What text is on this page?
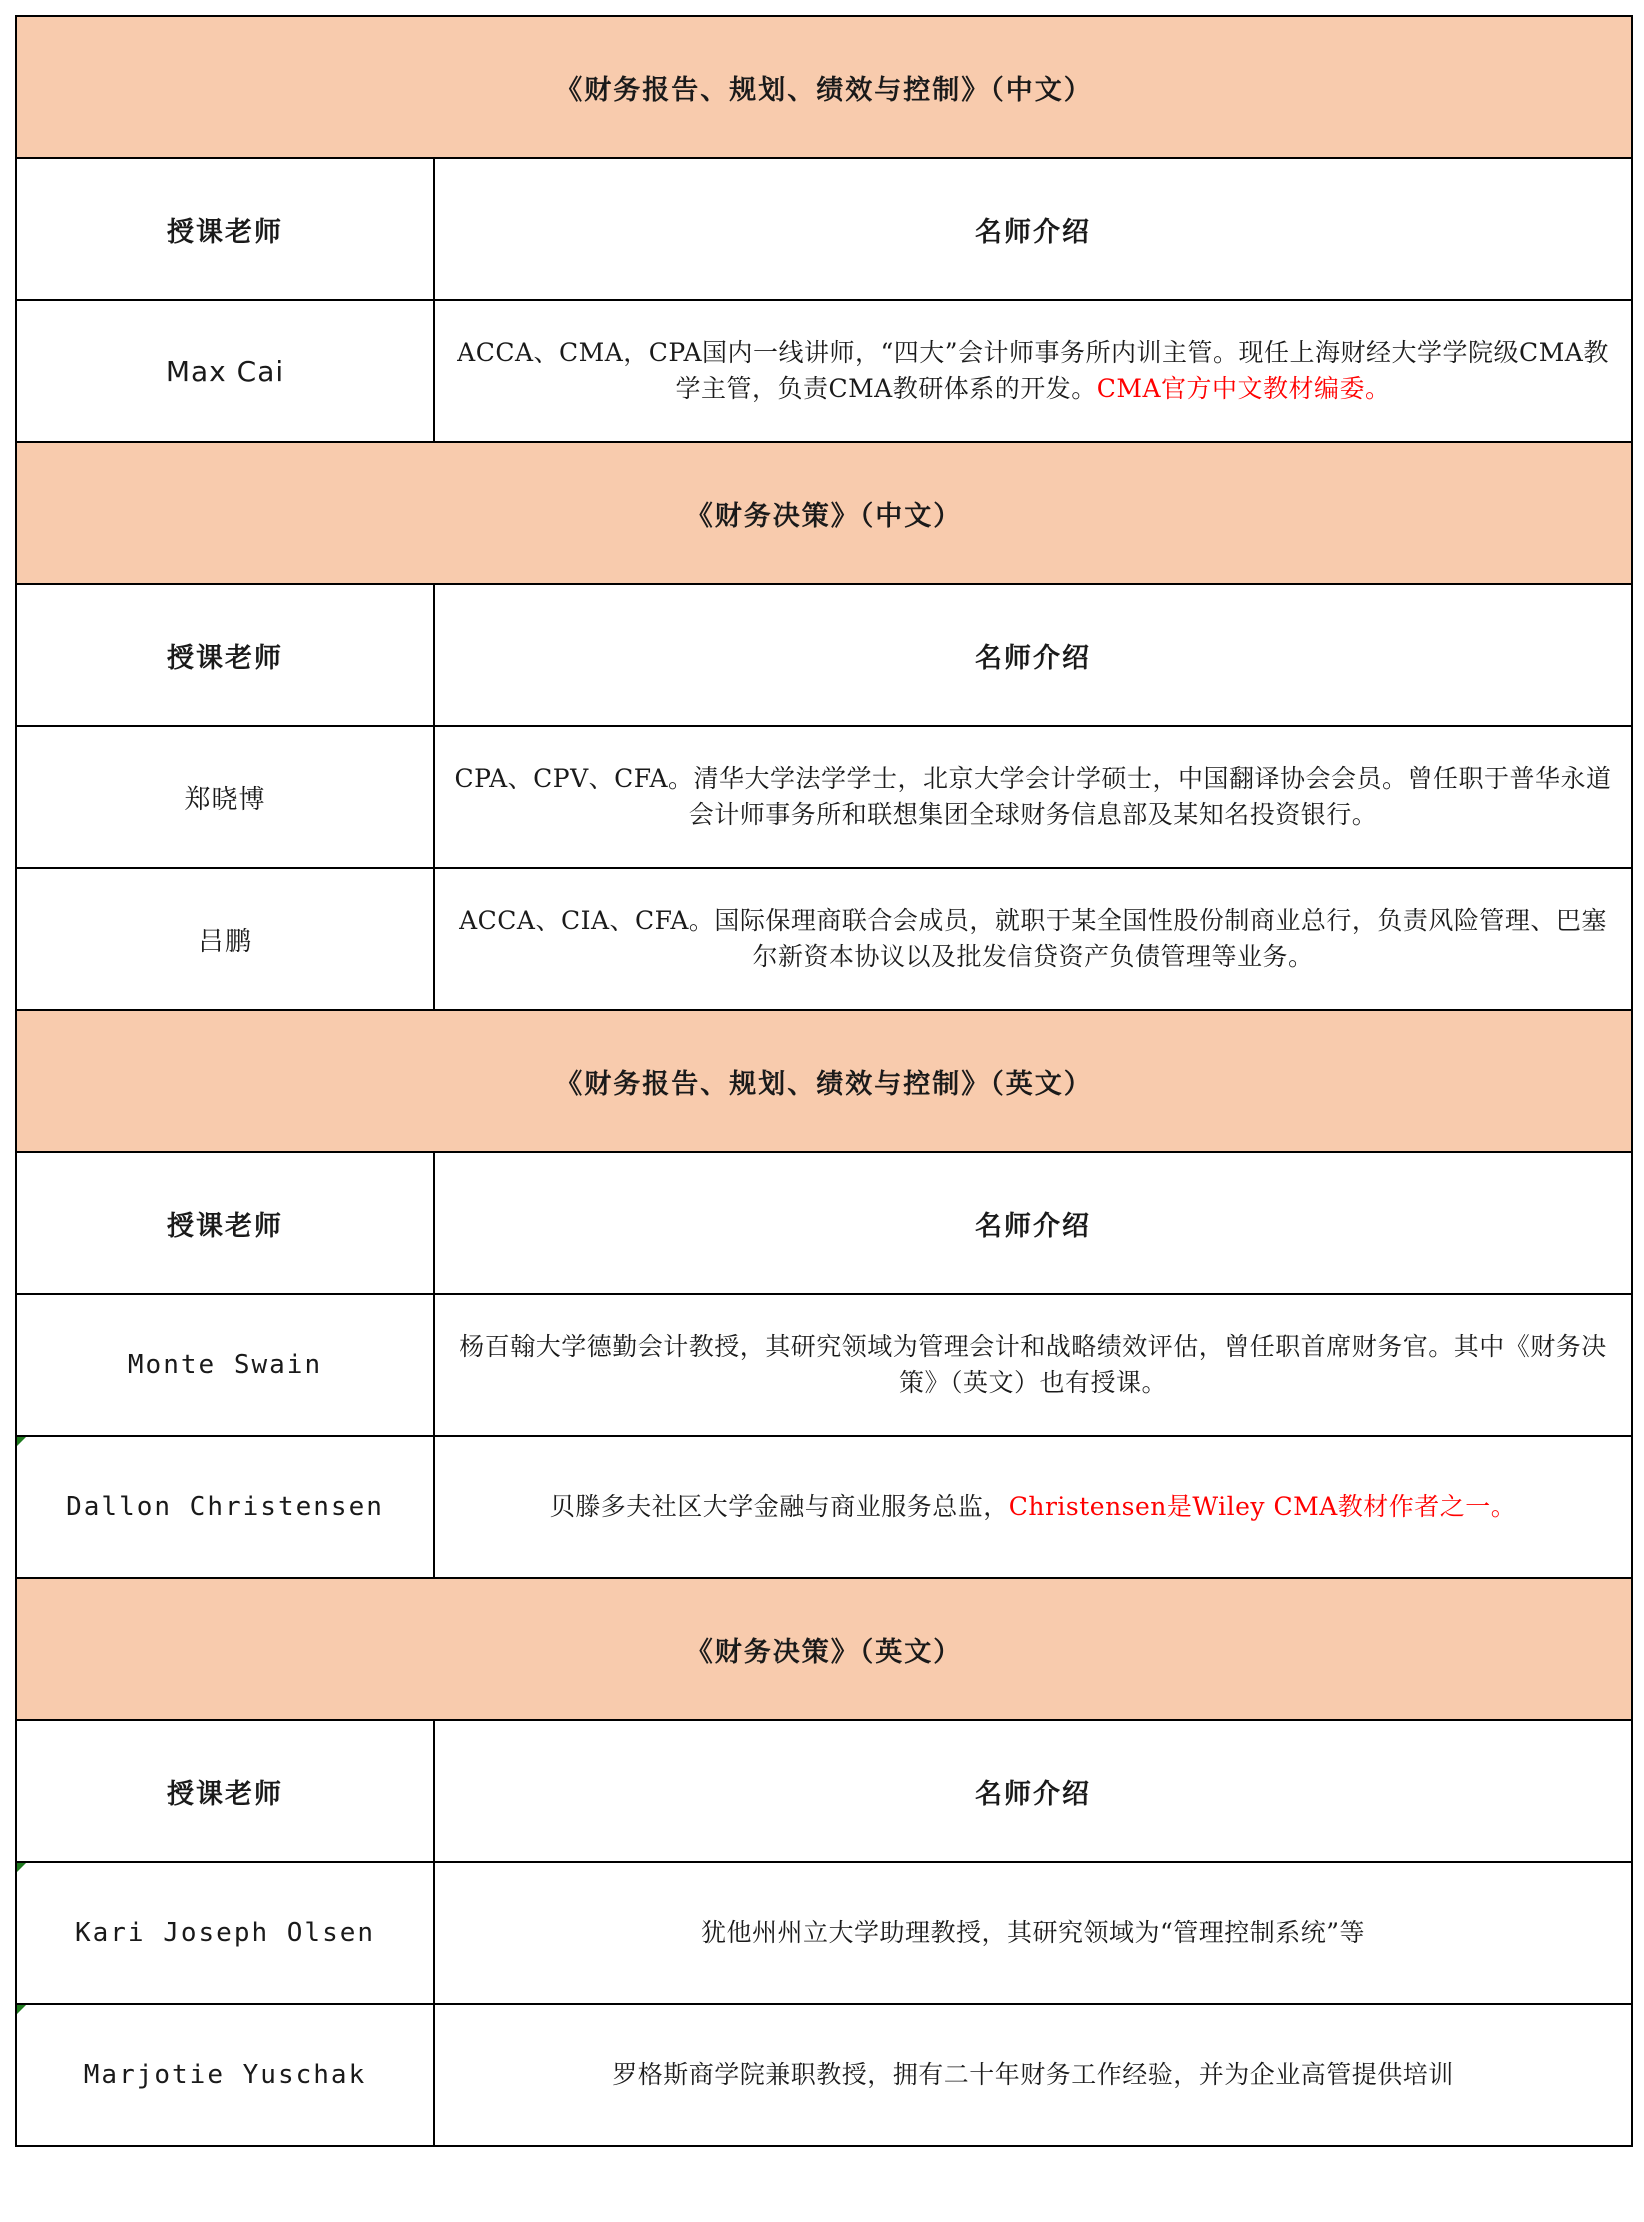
《财务报告、规划、绩效与控制》（中文）	
授课老师	名师介绍
Max Cai	ACCA、CMA，CPA国内一线讲师，“四大”会计师事务所内训主管。现任上海财经大学学院级CMA教学主管，负责CMA教研体系的开发。CMA官方中文教材编委。
《财务决策》（中文）	
授课老师	名师介绍
郑晓博	CPA、CPV、CFA。清华大学法学学士，北京大学会计学硕士，中国翻译协会会员。曾任职于普华永道会计师事务所和联想集团全球财务信息部及某知名投资银行。
吕鹏	ACCA、CIA、CFA。国际保理商联合会成员，就职于某全国性股份制商业总行，负责风险管理、巴塞尔新资本协议以及批发信贷资产负债管理等业务。
《财务报告、规划、绩效与控制》（英文）	
授课老师	名师介绍
Monte Swain	杨百翰大学德勤会计教授，其研究领域为管理会计和战略绩效评估，曾任职首席财务官。其中《财务决策》（英文）也有授课。

Dallon Christensen	贝滕多夫社区大学金融与商业服务总监，Christensen是Wiley CMA教材作者之一。
《财务决策》（英文）	
授课老师	名师介绍

Kari Joseph Olsen	犹他州州立大学助理教授，其研究领域为“管理控制系统”等

Marjotie Yuschak	罗格斯商学院兼职教授，拥有二十年财务工作经验，并为企业高管提供培训
